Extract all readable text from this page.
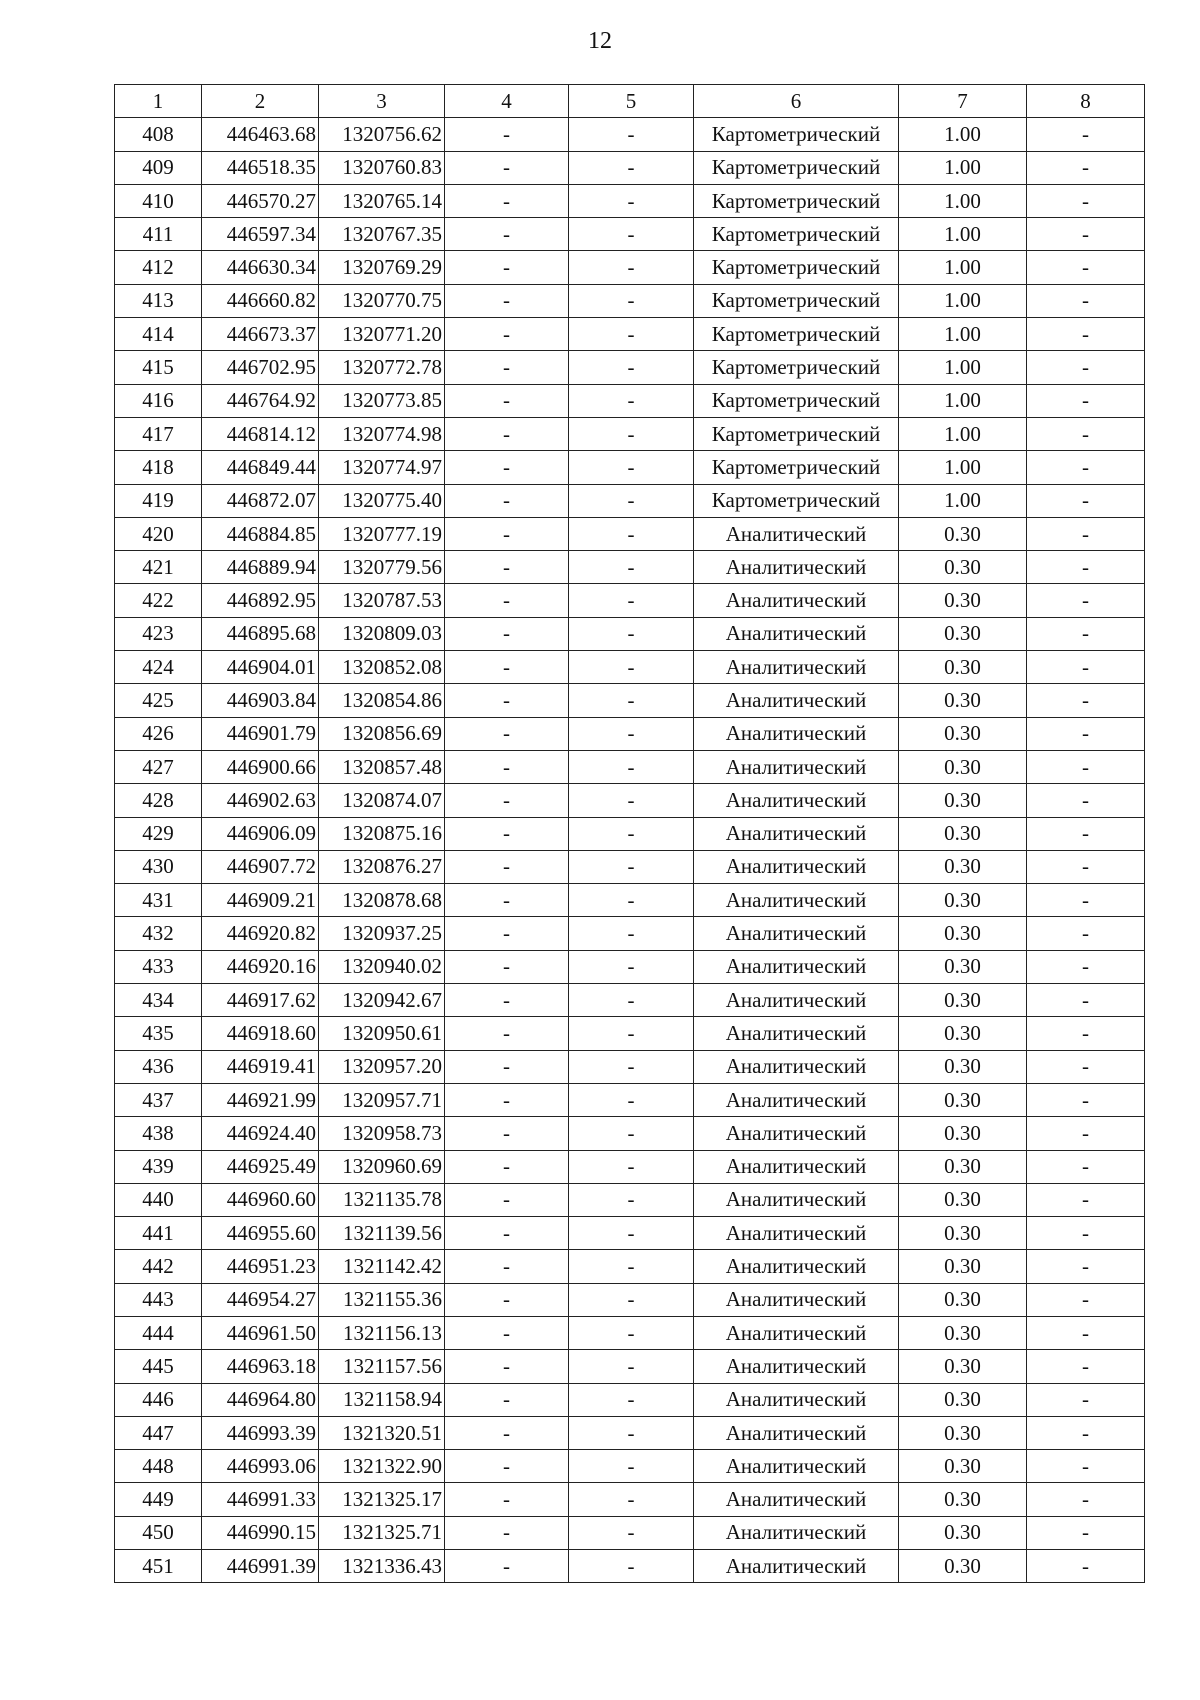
12
1	2	3	4	5	6	7	8
408	446463.68	1320756.62	-	-	Картометрический	1.00	-
409	446518.35	1320760.83	-	-	Картометрический	1.00	-
410	446570.27	1320765.14	-	-	Картометрический	1.00	-
411	446597.34	1320767.35	-	-	Картометрический	1.00	-
412	446630.34	1320769.29	-	-	Картометрический	1.00	-
413	446660.82	1320770.75	-	-	Картометрический	1.00	-
414	446673.37	1320771.20	-	-	Картометрический	1.00	-
415	446702.95	1320772.78	-	-	Картометрический	1.00	-
416	446764.92	1320773.85	-	-	Картометрический	1.00	-
417	446814.12	1320774.98	-	-	Картометрический	1.00	-
418	446849.44	1320774.97	-	-	Картометрический	1.00	-
419	446872.07	1320775.40	-	-	Картометрический	1.00	-
420	446884.85	1320777.19	-	-	Аналитический	0.30	-
421	446889.94	1320779.56	-	-	Аналитический	0.30	-
422	446892.95	1320787.53	-	-	Аналитический	0.30	-
423	446895.68	1320809.03	-	-	Аналитический	0.30	-
424	446904.01	1320852.08	-	-	Аналитический	0.30	-
425	446903.84	1320854.86	-	-	Аналитический	0.30	-
426	446901.79	1320856.69	-	-	Аналитический	0.30	-
427	446900.66	1320857.48	-	-	Аналитический	0.30	-
428	446902.63	1320874.07	-	-	Аналитический	0.30	-
429	446906.09	1320875.16	-	-	Аналитический	0.30	-
430	446907.72	1320876.27	-	-	Аналитический	0.30	-
431	446909.21	1320878.68	-	-	Аналитический	0.30	-
432	446920.82	1320937.25	-	-	Аналитический	0.30	-
433	446920.16	1320940.02	-	-	Аналитический	0.30	-
434	446917.62	1320942.67	-	-	Аналитический	0.30	-
435	446918.60	1320950.61	-	-	Аналитический	0.30	-
436	446919.41	1320957.20	-	-	Аналитический	0.30	-
437	446921.99	1320957.71	-	-	Аналитический	0.30	-
438	446924.40	1320958.73	-	-	Аналитический	0.30	-
439	446925.49	1320960.69	-	-	Аналитический	0.30	-
440	446960.60	1321135.78	-	-	Аналитический	0.30	-
441	446955.60	1321139.56	-	-	Аналитический	0.30	-
442	446951.23	1321142.42	-	-	Аналитический	0.30	-
443	446954.27	1321155.36	-	-	Аналитический	0.30	-
444	446961.50	1321156.13	-	-	Аналитический	0.30	-
445	446963.18	1321157.56	-	-	Аналитический	0.30	-
446	446964.80	1321158.94	-	-	Аналитический	0.30	-
447	446993.39	1321320.51	-	-	Аналитический	0.30	-
448	446993.06	1321322.90	-	-	Аналитический	0.30	-
449	446991.33	1321325.17	-	-	Аналитический	0.30	-
450	446990.15	1321325.71	-	-	Аналитический	0.30	-
451	446991.39	1321336.43	-	-	Аналитический	0.30	-
